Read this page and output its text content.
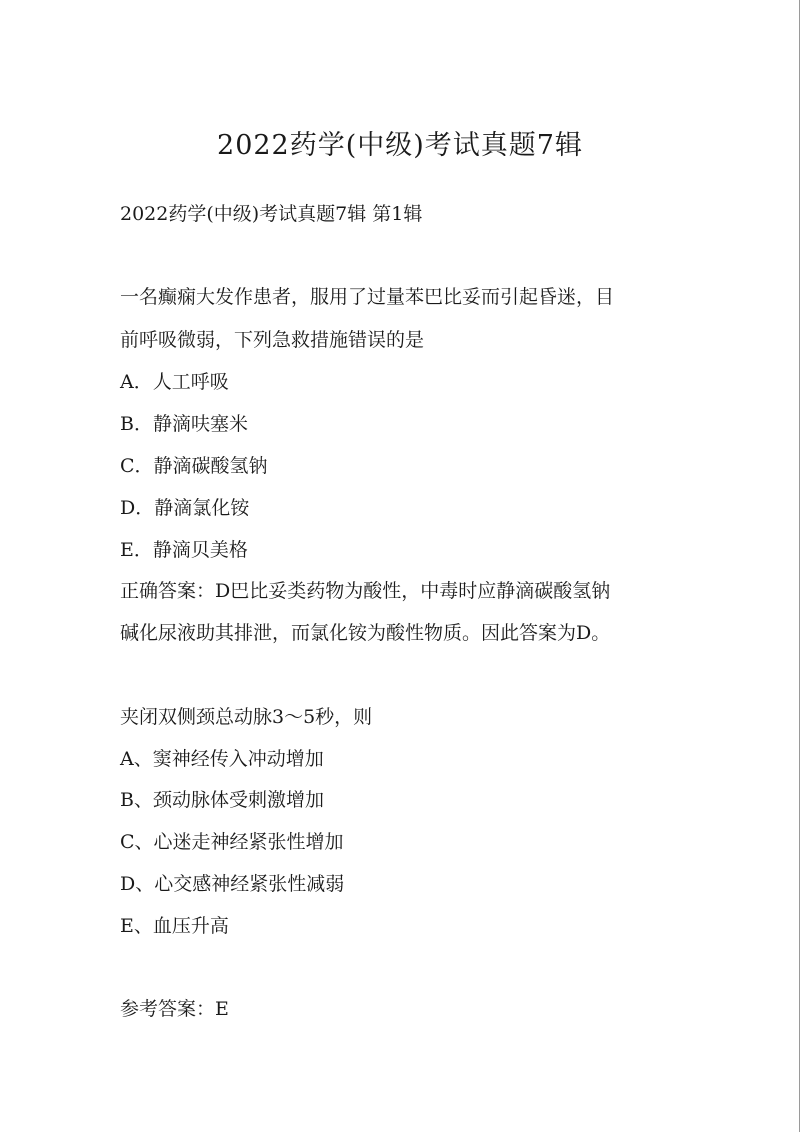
2022药学(中级)考试真题7辑

2022药学(中级)考试真题7辑 第1辑

一名癫痫大发作患者，服用了过量苯巴比妥而引起昏迷，目

前呼吸微弱，下列急救措施错误的是

A．人工呼吸

B．静滴呋塞米

C．静滴碳酸氢钠

D．静滴氯化铵

E．静滴贝美格

正确答案：D巴比妥类药物为酸性，中毒时应静滴碳酸氢钠

碱化尿液助其排泄，而氯化铵为酸性物质。因此答案为D。

夹闭双侧颈总动脉3～5秒，则

A、窦神经传入冲动增加

B、颈动脉体受刺激增加

C、心迷走神经紧张性增加

D、心交感神经紧张性减弱

E、血压升高

参考答案：E
